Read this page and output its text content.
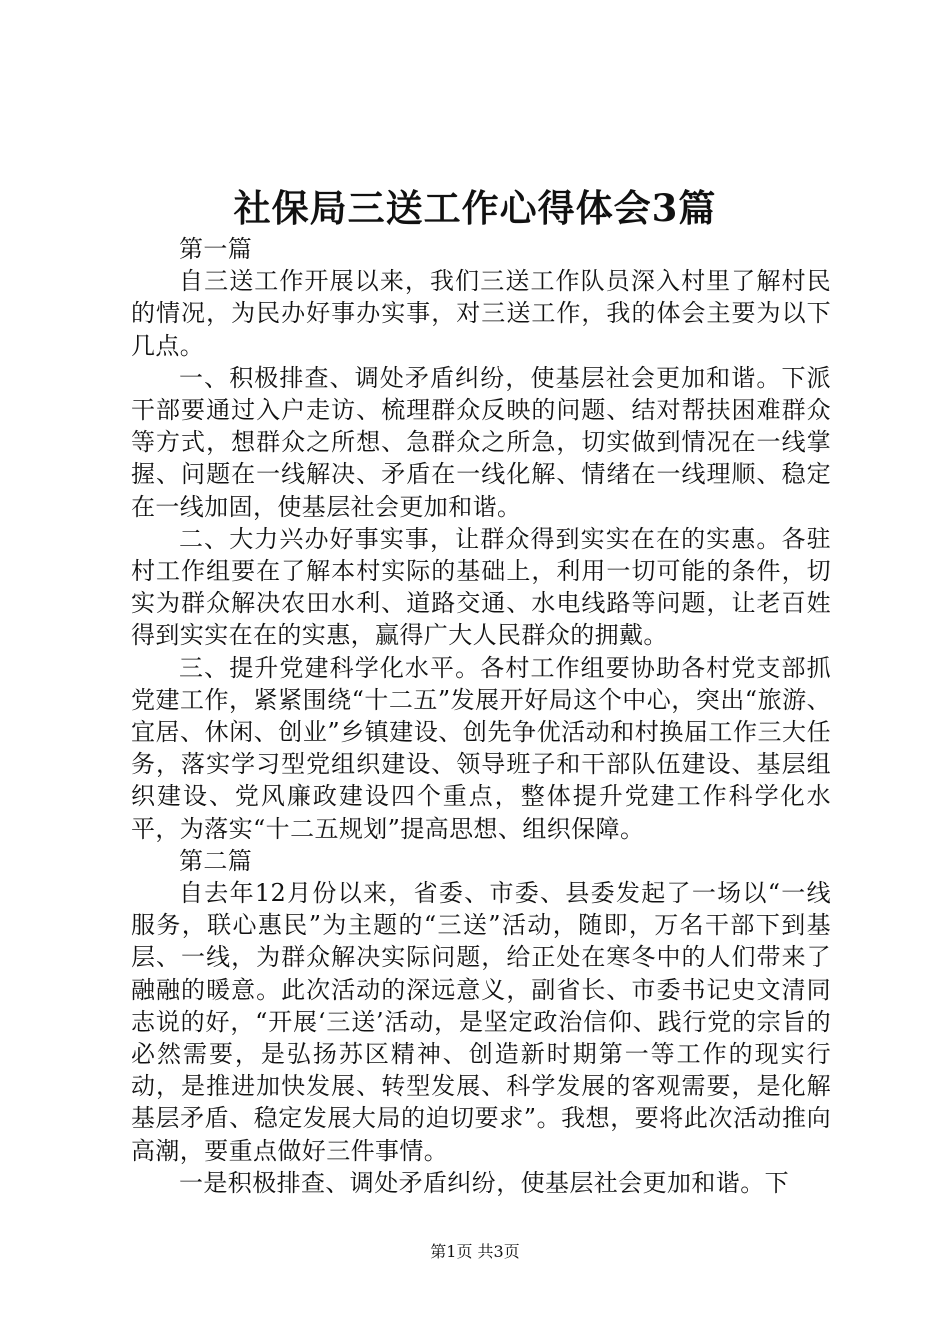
社保局三送工作心得体会3篇

第一篇

自三送工作开展以来，我们三送工作队员深入村里了解村民的情况，为民办好事办实事，对三送工作，我的体会主要为以下几点。

一、积极排查、调处矛盾纠纷，使基层社会更加和谐。下派干部要通过入户走访、梳理群众反映的问题、结对帮扶困难群众等方式，想群众之所想、急群众之所急，切实做到情况在一线掌握、问题在一线解决、矛盾在一线化解、情绪在一线理顺、稳定在一线加固，使基层社会更加和谐。

二、大力兴办好事实事，让群众得到实实在在的实惠。各驻村工作组要在了解本村实际的基础上，利用一切可能的条件，切实为群众解决农田水利、道路交通、水电线路等问题，让老百姓得到实实在在的实惠，赢得广大人民群众的拥戴。

三、提升党建科学化水平。各村工作组要协助各村党支部抓党建工作，紧紧围绕“十二五”发展开好局这个中心，突出“旅游、宜居、休闲、创业”乡镇建设、创先争优活动和村换届工作三大任务，落实学习型党组织建设、领导班子和干部队伍建设、基层组织建设、党风廉政建设四个重点，整体提升党建工作科学化水平，为落实“十二五规划”提高思想、组织保障。

第二篇

自去年12月份以来，省委、市委、县委发起了一场以“一线服务，联心惠民”为主题的“三送”活动，随即，万名干部下到基层、一线，为群众解决实际问题，给正处在寒冬中的人们带来了融融的暖意。此次活动的深远意义，副省长、市委书记史文清同志说的好，“开展‘三送’活动，是坚定政治信仰、践行党的宗旨的必然需要，是弘扬苏区精神、创造新时期第一等工作的现实行动，是推进加快发展、转型发展、科学发展的客观需要，是化解基层矛盾、稳定发展大局的迫切要求”。我想，要将此次活动推向高潮，要重点做好三件事情。

一是积极排查、调处矛盾纠纷，使基层社会更加和谐。下

第1页 共3页
